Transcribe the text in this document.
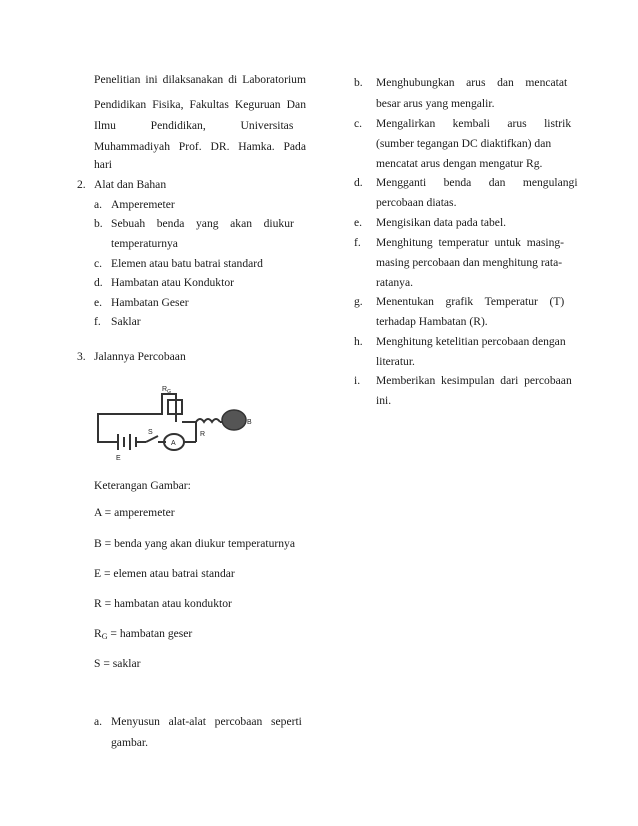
Penelitian ini dilaksanakan di Laboratorium
Pendidikan Fisika, Fakultas Keguruan Dan
Ilmu            Pendidikan,            Universitas
Muhammadiyah Prof. DR. Hamka. Pada
hari
2. Alat dan Bahan
a. Amperemeter
b. Sebuah    benda    yang    akan    diukur
temperaturnya
c. Elemen atau batu batrai standard
d. Hambatan atau Konduktor
e. Hambatan Geser
f. Saklar
3. Jalannya Percobaan
$R_G$
A
B
E
R
S
Keterangan Gambar:
A = amperemeter
B = benda yang akan diukur temperaturnya
E = elemen atau batrai standar
R = hambatan atau konduktor
$R_G$ = hambatan geser
S = saklar
a. Menyusun   alat-alat   percobaan   seperti
gambar.
b. Menghubungkan    arus    dan    mencatat
besar arus yang mengalir.
c. Mengalirkan      kembali      arus      listrik
(sumber tegangan DC diaktifkan) dan
mencatat arus dengan mengatur Rg.
d. Mengganti      benda      dan      mengulangi
percobaan diatas.
e. Mengisikan data pada tabel.
f. Menghitung  temperatur  untuk  masing-
masing percobaan dan menghitung rata-
ratanya.
g. Menentukan    grafik    Temperatur    (T)
terhadap Hambatan (R).
h. Menghitung ketelitian percobaan dengan
literatur.
i. Memberikan  kesimpulan  dari  percobaan
ini.
